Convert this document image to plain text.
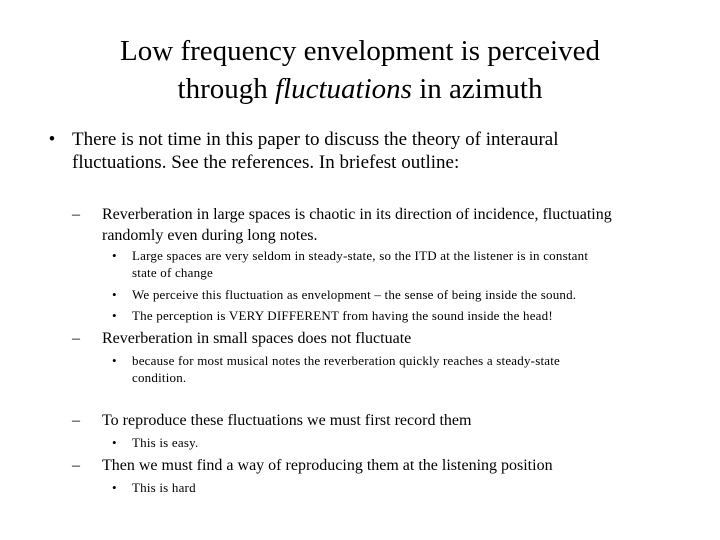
Low frequency envelopment is perceived
through fluctuations in azimuth
• There is not time in this paper to discuss the theory of interaural
fluctuations. See the references. In briefest outline:
–	Reverberation in large spaces is chaotic in its direction of incidence, fluctuating
randomly even during long notes.
•	Large spaces are very seldom in steady-state, so the ITD at the listener is in constant
state of change
•	We perceive this fluctuation as envelopment – the sense of being inside the sound.
•	The perception is VERY DIFFERENT from having the sound inside the head!
–	Reverberation in small spaces does not fluctuate
•	because for most musical notes the reverberation quickly reaches a steady-state
condition.
–	To reproduce these fluctuations we must first record them
•	This is easy.
–	Then we must find a way of reproducing them at the listening position
•	This is hard
